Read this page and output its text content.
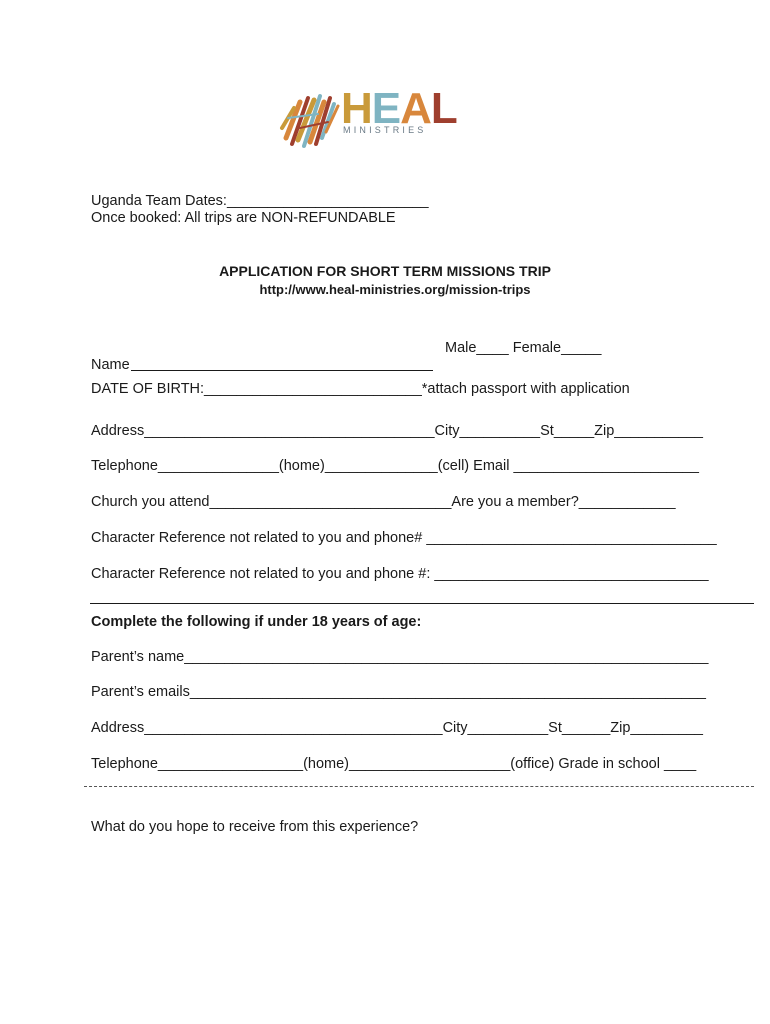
HEAL
MINISTRIES
Uganda Team Dates:_________________________
Once booked: All trips are NON-REFUNDABLE
APPLICATION FOR SHORT TERM MISSIONS TRIP
http://www.heal-ministries.org/mission-trips
Male____ Female_____
Name
DATE OF BIRTH:___________________________*attach passport with application
Address____________________________________City__________St_____Zip___________
Telephone_______________(home)______________(cell) Email _______________________
Church you attend______________________________Are you a member?____________
Character Reference not related to you and phone# ____________________________________
Character Reference not related to you and phone #: __________________________________
Complete the following if under 18 years of age:
Parent’s name_________________________________________________________________
Parent’s emails________________________________________________________________
Address_____________________________________City__________St______Zip_________
Telephone__________________(home)____________________(office) Grade in school ____
What do you hope to receive from this experience?
